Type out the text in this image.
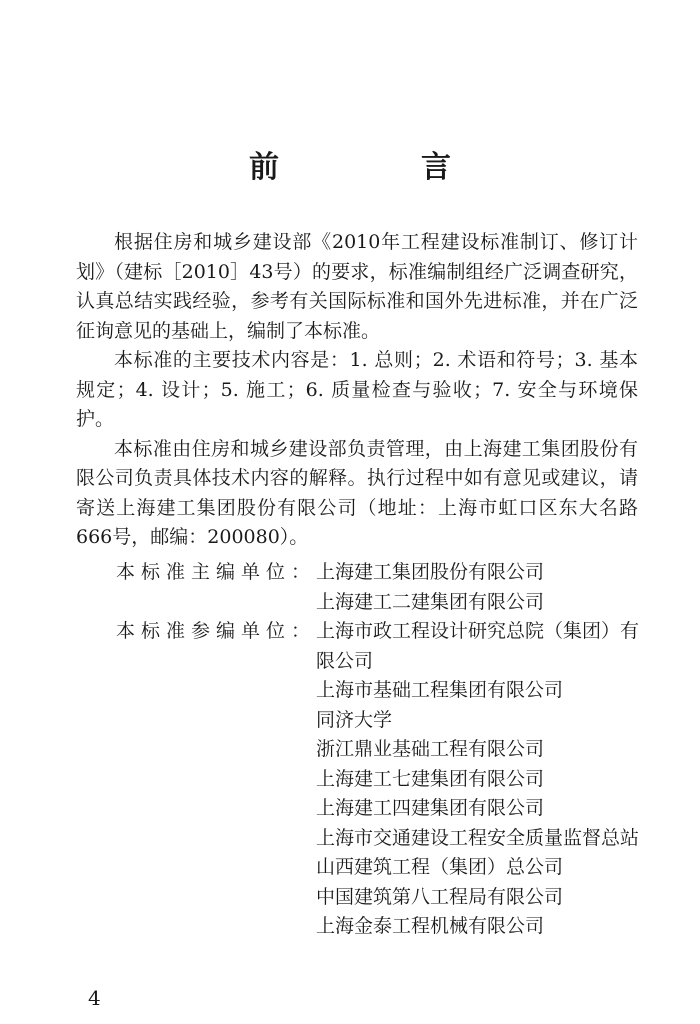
前　言

根据住房和城乡建设部《2010年工程建设标准制订、修订计划》（建标［2010］43号）的要求，标准编制组经广泛调查研究，认真总结实践经验，参考有关国际标准和国外先进标准，并在广泛征询意见的基础上，编制了本标准。

本标准的主要技术内容是：1. 总则；2. 术语和符号；3. 基本规定；4. 设计；5. 施工；6. 质量检查与验收；7. 安全与环境保护。

本标准由住房和城乡建设部负责管理，由上海建工集团股份有限公司负责具体技术内容的解释。执行过程中如有意见或建议，请寄送上海建工集团股份有限公司（地址：上海市虹口区东大名路666号，邮编：200080）。

本标准主编单位： 上海建工集团股份有限公司
上海建工二建集团有限公司
本标准参编单位： 上海市政工程设计研究总院（集团）有限公司
上海市基础工程集团有限公司
同济大学
浙江鼎业基础工程有限公司
上海建工七建集团有限公司
上海建工四建集团有限公司
上海市交通建设工程安全质量监督总站
山西建筑工程（集团）总公司
中国建筑第八工程局有限公司
上海金泰工程机械有限公司
4
